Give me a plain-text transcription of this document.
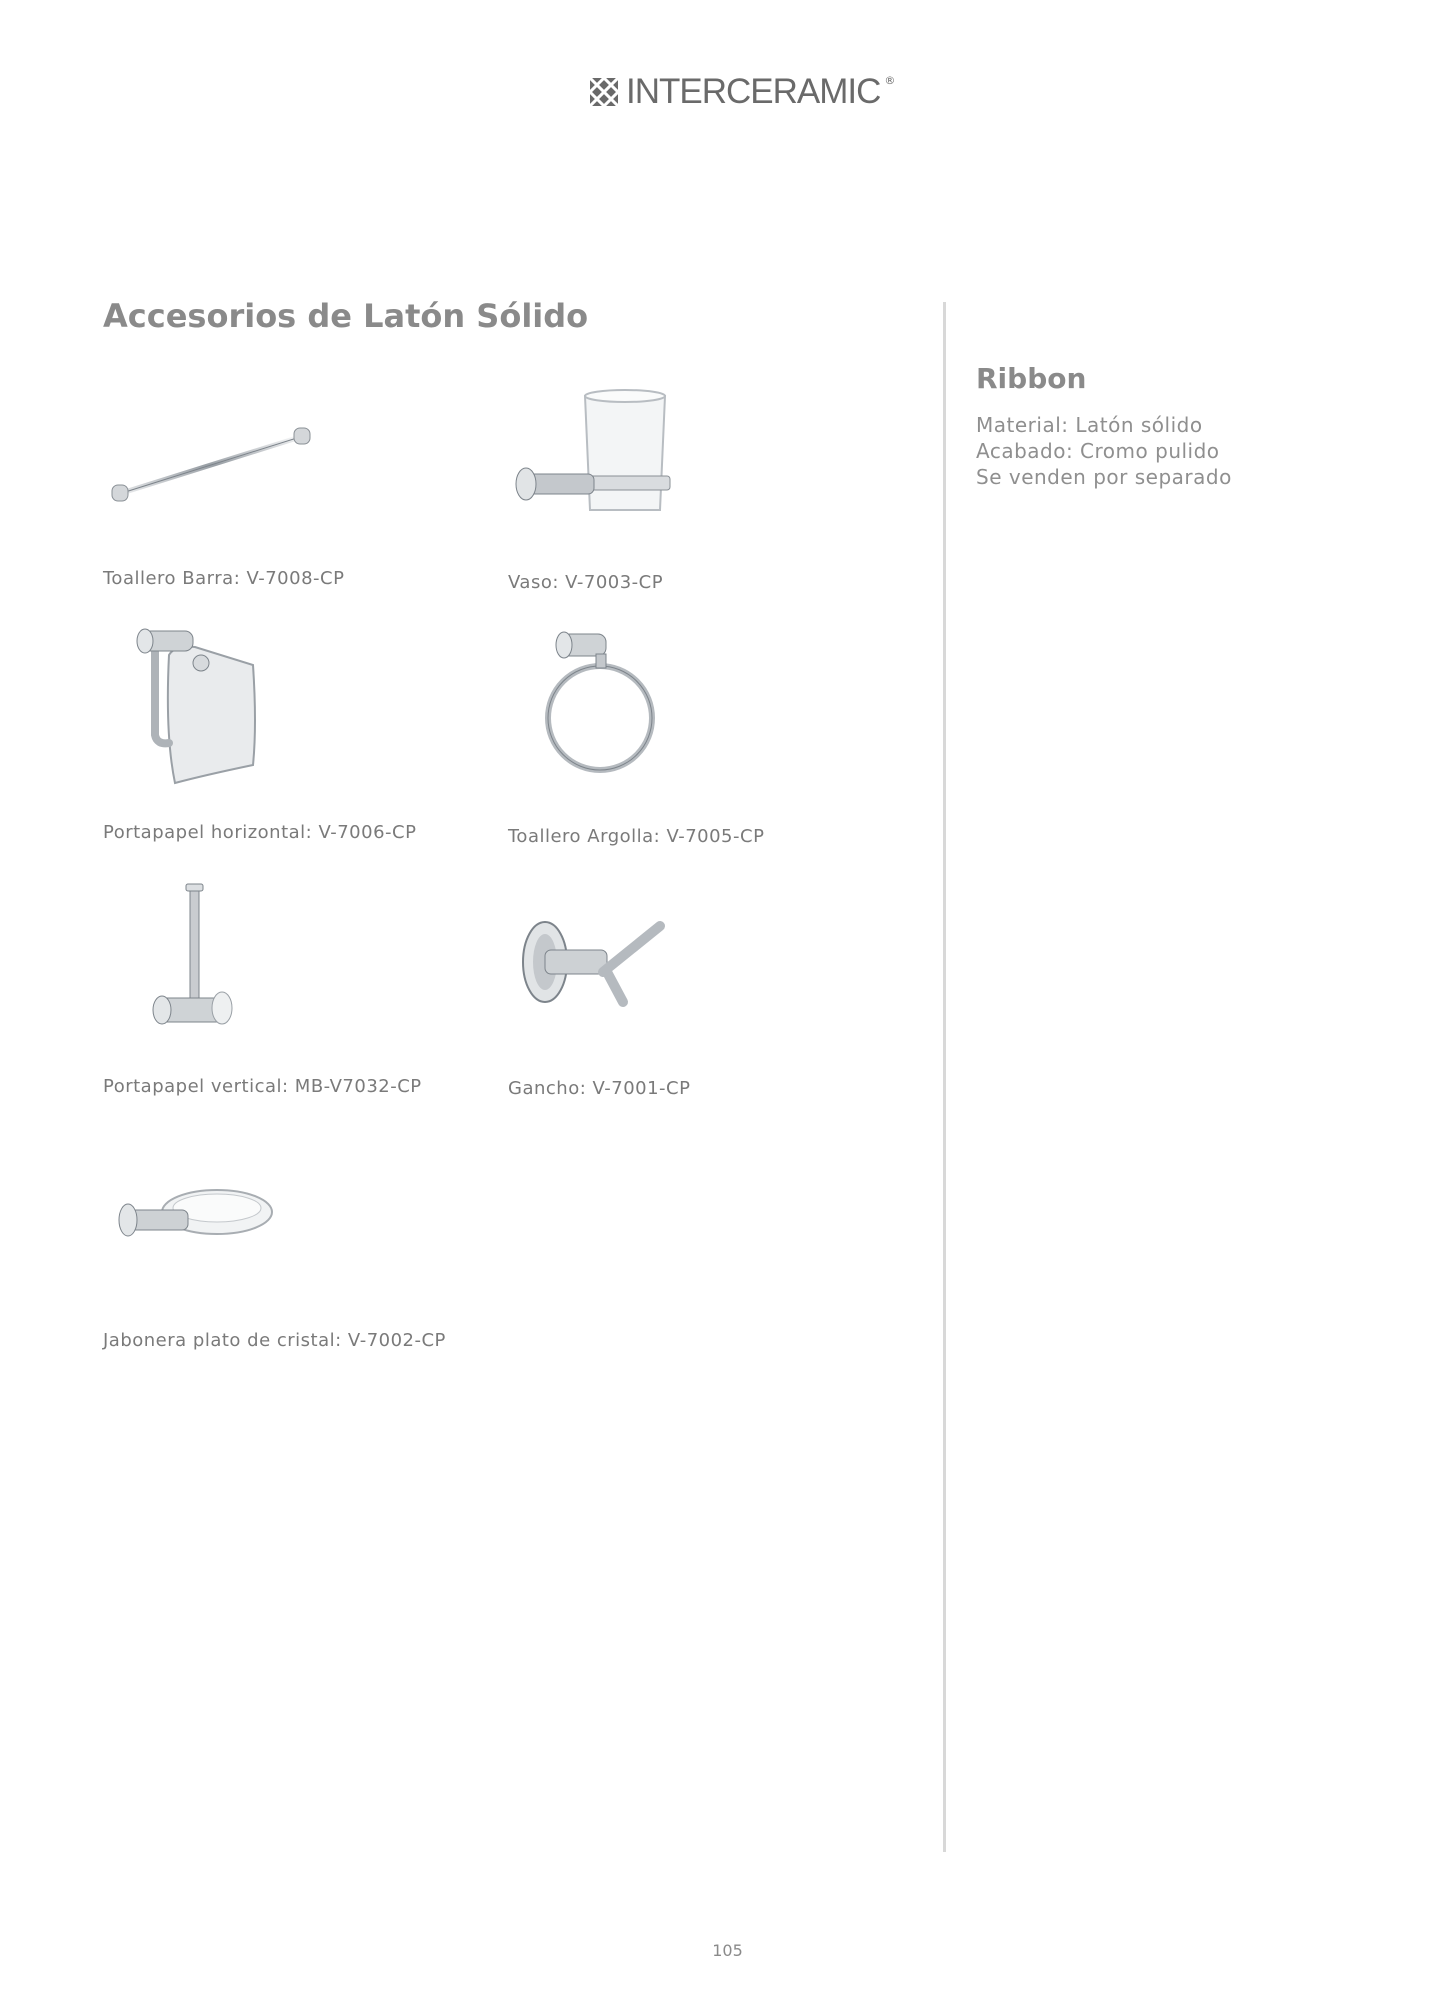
INTERCERAMIC ®
Accesorios de Latón Sólido
Ribbon
Material: Latón sólido
Acabado: Cromo pulido
Se venden por separado
Toallero Barra: V-7008-CP	Vaso: V-7003-CP
Portapapel horizontal: V-7006-CP	Toallero Argolla: V-7005-CP
Portapapel vertical: MB-V7032-CP	Gancho: V-7001-CP
Jabonera plato de cristal: V-7002-CP
105
